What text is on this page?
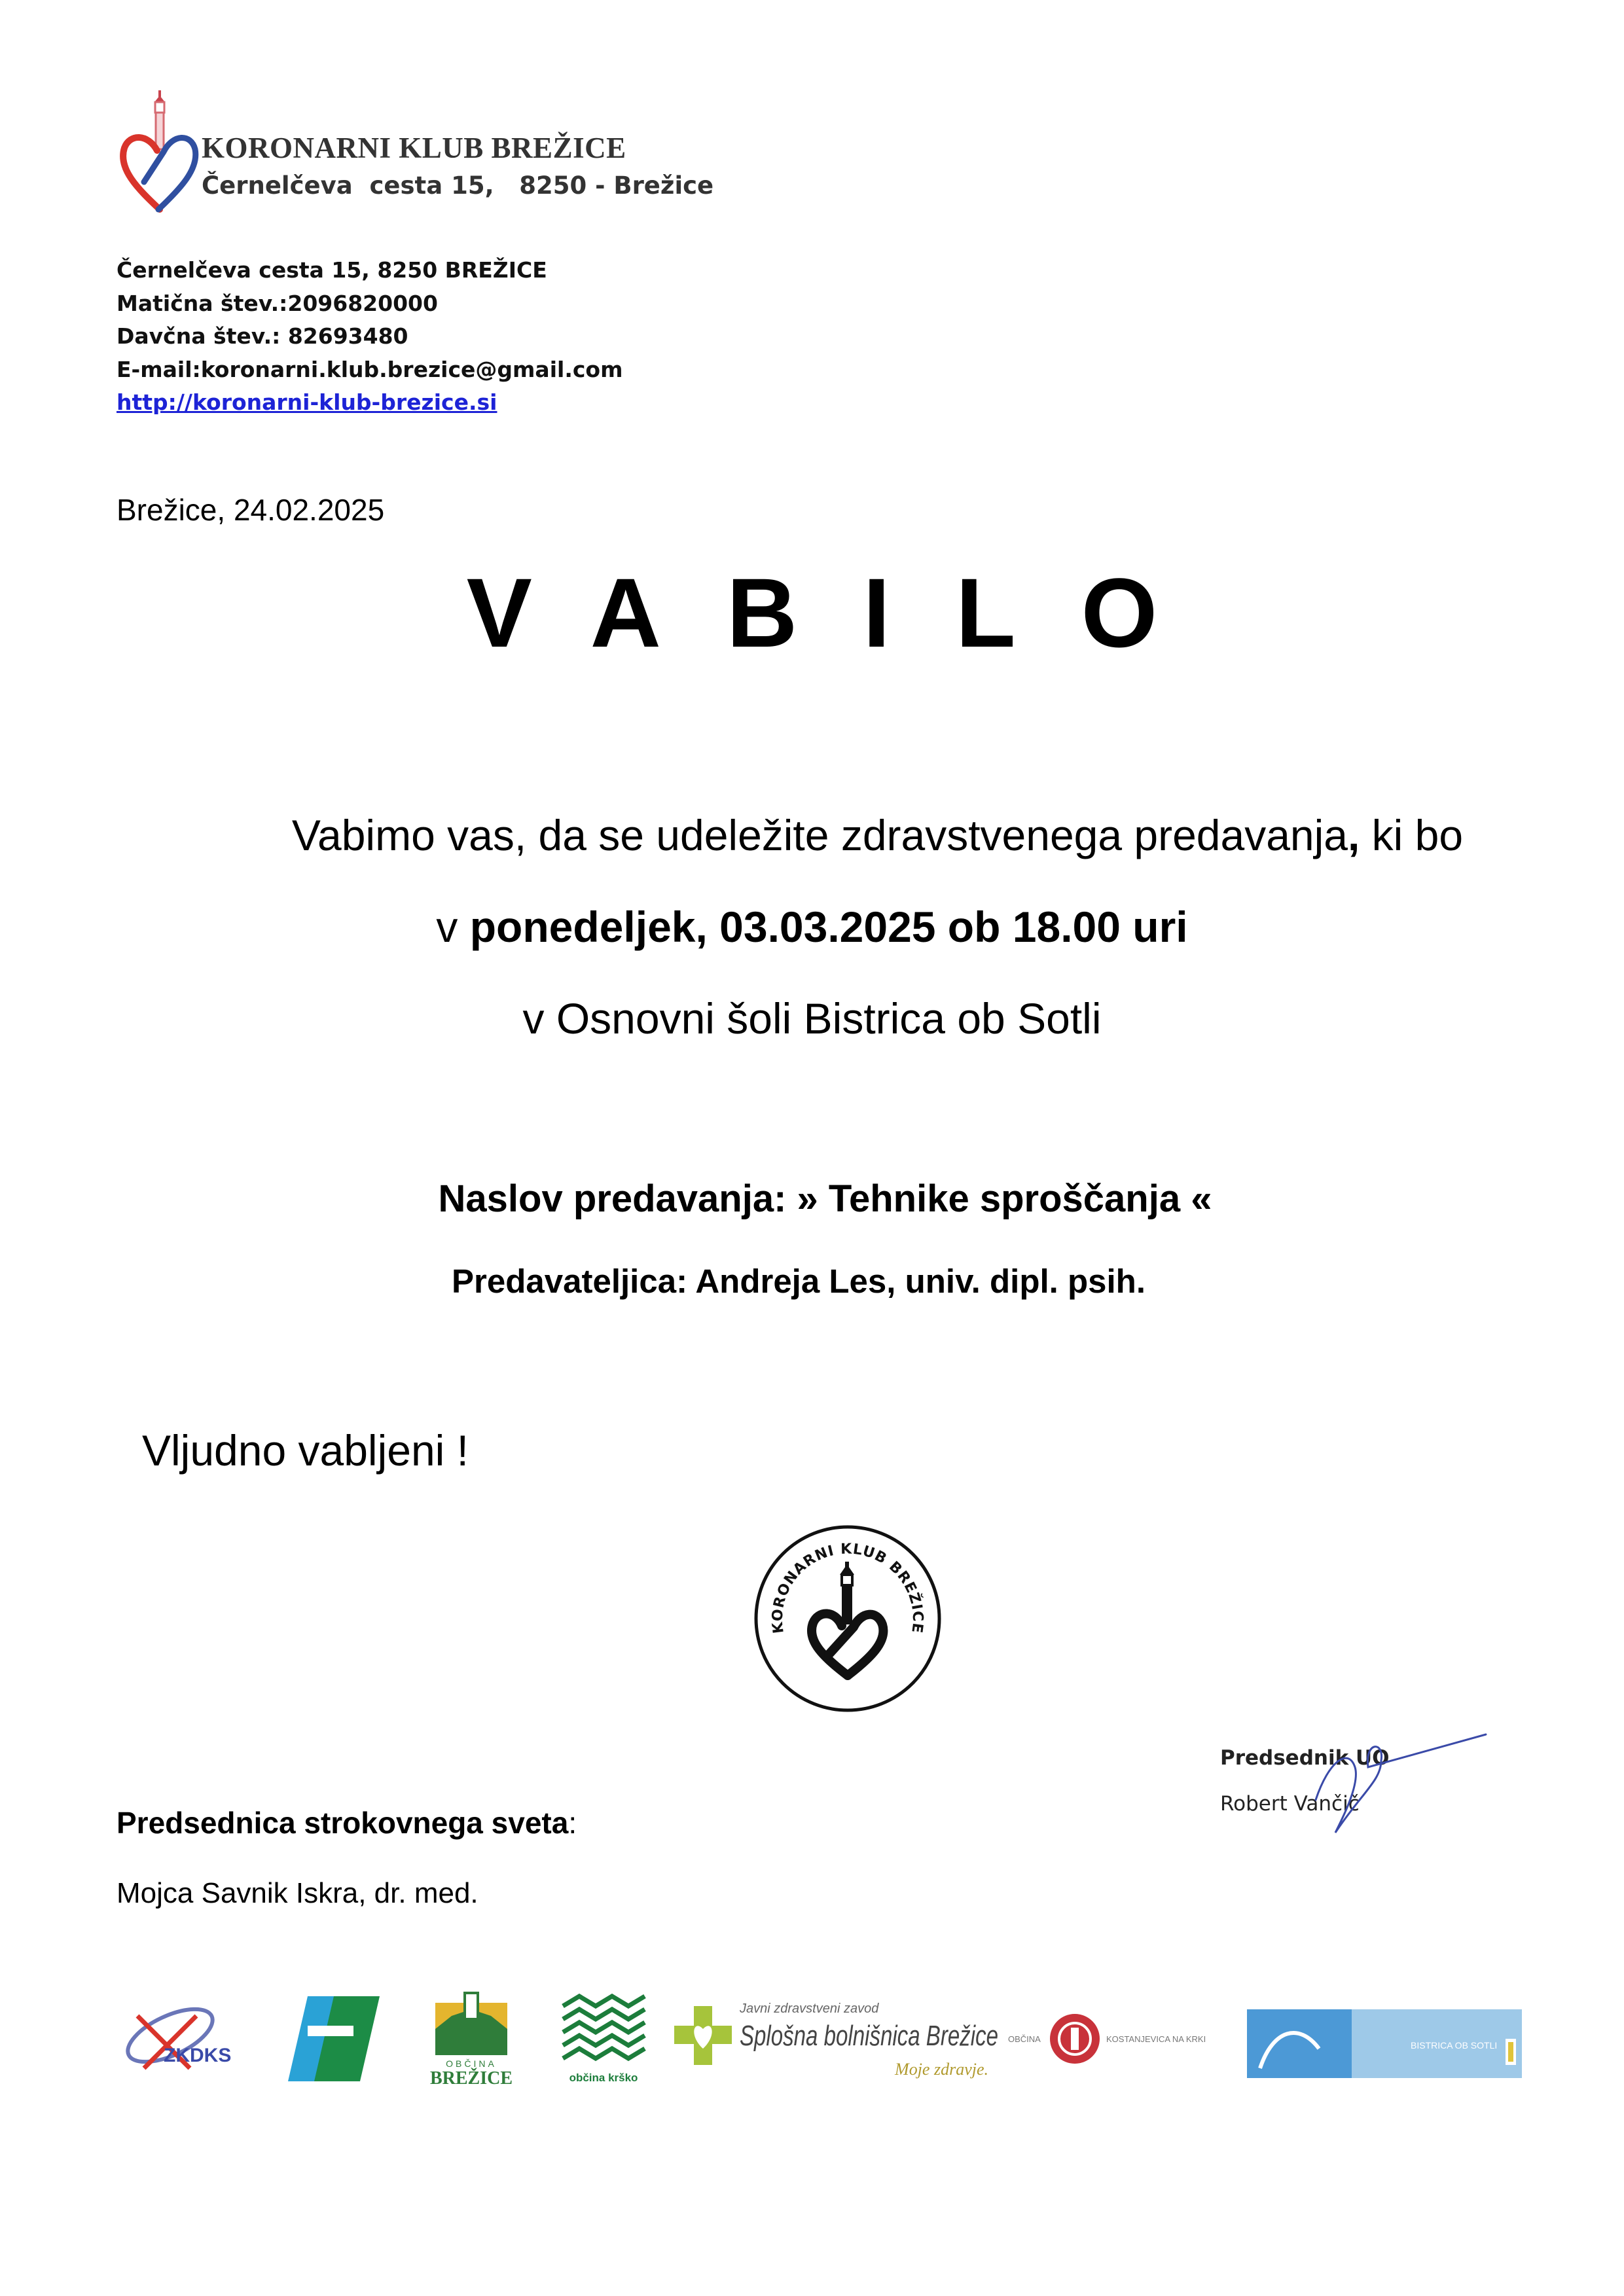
KORONARNI KLUB BREŽICE
Černelčeva  cesta 15,   8250 - Brežice
Černelčeva cesta 15, 8250 BREŽICE
Matična štev.:2096820000
Davčna štev.: 82693480
E-mail:koronarni.klub.brezice@gmail.com
http://koronarni-klub-brezice.si
Brežice, 24.02.2025
VABILO
Vabimo vas, da se udeležite zdravstvenega predavanja, ki bo
v ponedeljek, 03.03.2025 ob 18.00 uri
v Osnovni šoli Bistrica ob Sotli
Naslov predavanja: » Tehnike sproščanja «
Predavateljica: Andreja Les, univ. dipl. psih.
Vljudno vabljeni !
KORONARNI KLUB BREŽICE
Predsednik UO
Robert Vančič
Predsednica strokovnega sveta:
Mojca Savnik Iskra, dr. med.
ZKDKS	OBČINA
BREŽICE	občina krško
Javni zdravstveni zavod
Splošna bolnišnica Brežice
Moje zdravje.
OBČINA	KOSTANJEVICA NA KRKI
BISTRICA OB SOTLI
